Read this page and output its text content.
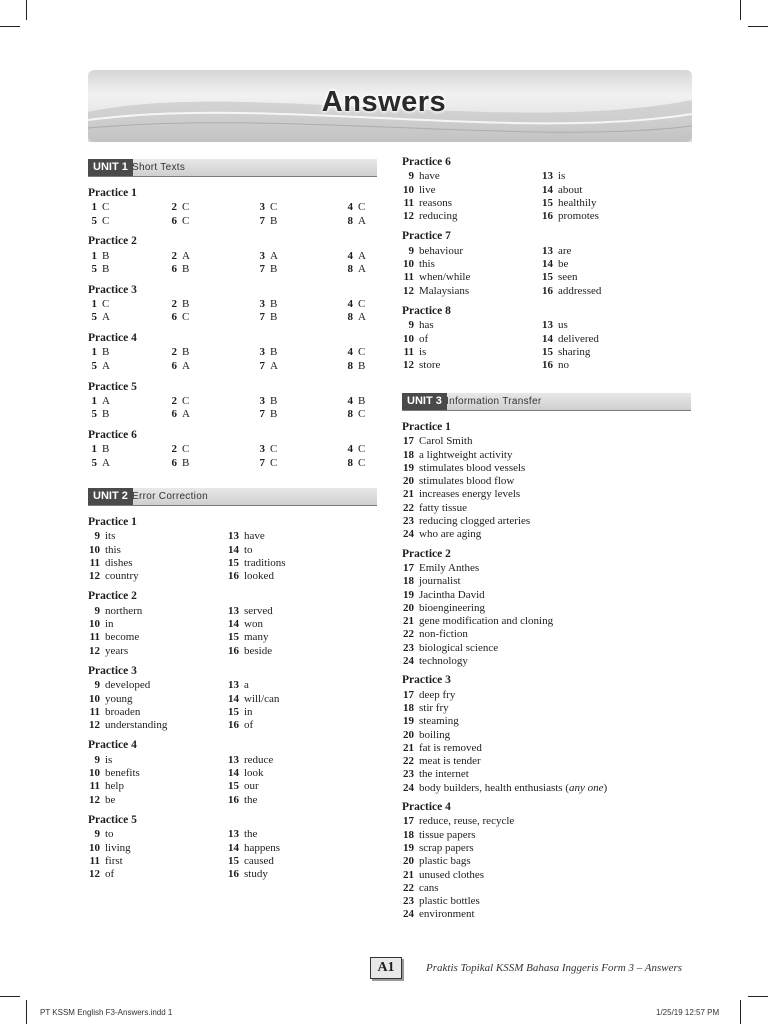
Answers
UNIT 1 Short Texts
Practice 1
1 C	2 C	3 C	4 C
5 C	6 C	7 B	8 A
Practice 2
1 B	2 A	3 A	4 A
5 B	6 B	7 B	8 A
Practice 3
1 C	2 B	3 B	4 C
5 A	6 C	7 B	8 A
Practice 4
1 B	2 B	3 B	4 C
5 A	6 A	7 A	8 B
Practice 5
1 A	2 C	3 B	4 B
5 B	6 A	7 B	8 C
Practice 6
1 B	2 C	3 C	4 C
5 A	6 B	7 C	8 C
UNIT 2 Error Correction
Practice 1
9 its	13 have
10 this	14 to
11 dishes	15 traditions
12 country	16 looked
Practice 2
9 northern	13 served
10 in	14 won
11 become	15 many
12 years	16 beside
Practice 3
9 developed	13 a
10 young	14 will/can
11 broaden	15 in
12 understanding	16 of
Practice 4
9 is	13 reduce
10 benefits	14 look
11 help	15 our
12 be	16 the
Practice 5
9 to	13 the
10 living	14 happens
11 first	15 caused
12 of	16 study
Practice 6
9 have	13 is
10 live	14 about
11 reasons	15 healthily
12 reducing	16 promotes
Practice 7
9 behaviour	13 are
10 this	14 be
11 when/while	15 seen
12 Malaysians	16 addressed
Practice 8
9 has	13 us
10 of	14 delivered
11 is	15 sharing
12 store	16 no
UNIT 3 Information Transfer
Practice 1
17 Carol Smith
18 a lightweight activity
19 stimulates blood vessels
20 stimulates blood flow
21 increases energy levels
22 fatty tissue
23 reducing clogged arteries
24 who are aging
Practice 2
17 Emily Anthes
18 journalist
19 Jacintha David
20 bioengineering
21 gene modification and cloning
22 non-fiction
23 biological science
24 technology
Practice 3
17 deep fry
18 stir fry
19 steaming
20 boiling
21 fat is removed
22 meat is tender
23 the internet
24 body builders, health enthusiasts (any one)
Practice 4
17 reduce, reuse, recycle
18 tissue papers
19 scrap papers
20 plastic bags
21 unused clothes
22 cans
23 plastic bottles
24 environment
A1	Praktis Topikal KSSM Bahasa Inggeris Form 3 – Answers
PT KSSM English F3-Answers.indd 1	1/25/19 12:57 PM
